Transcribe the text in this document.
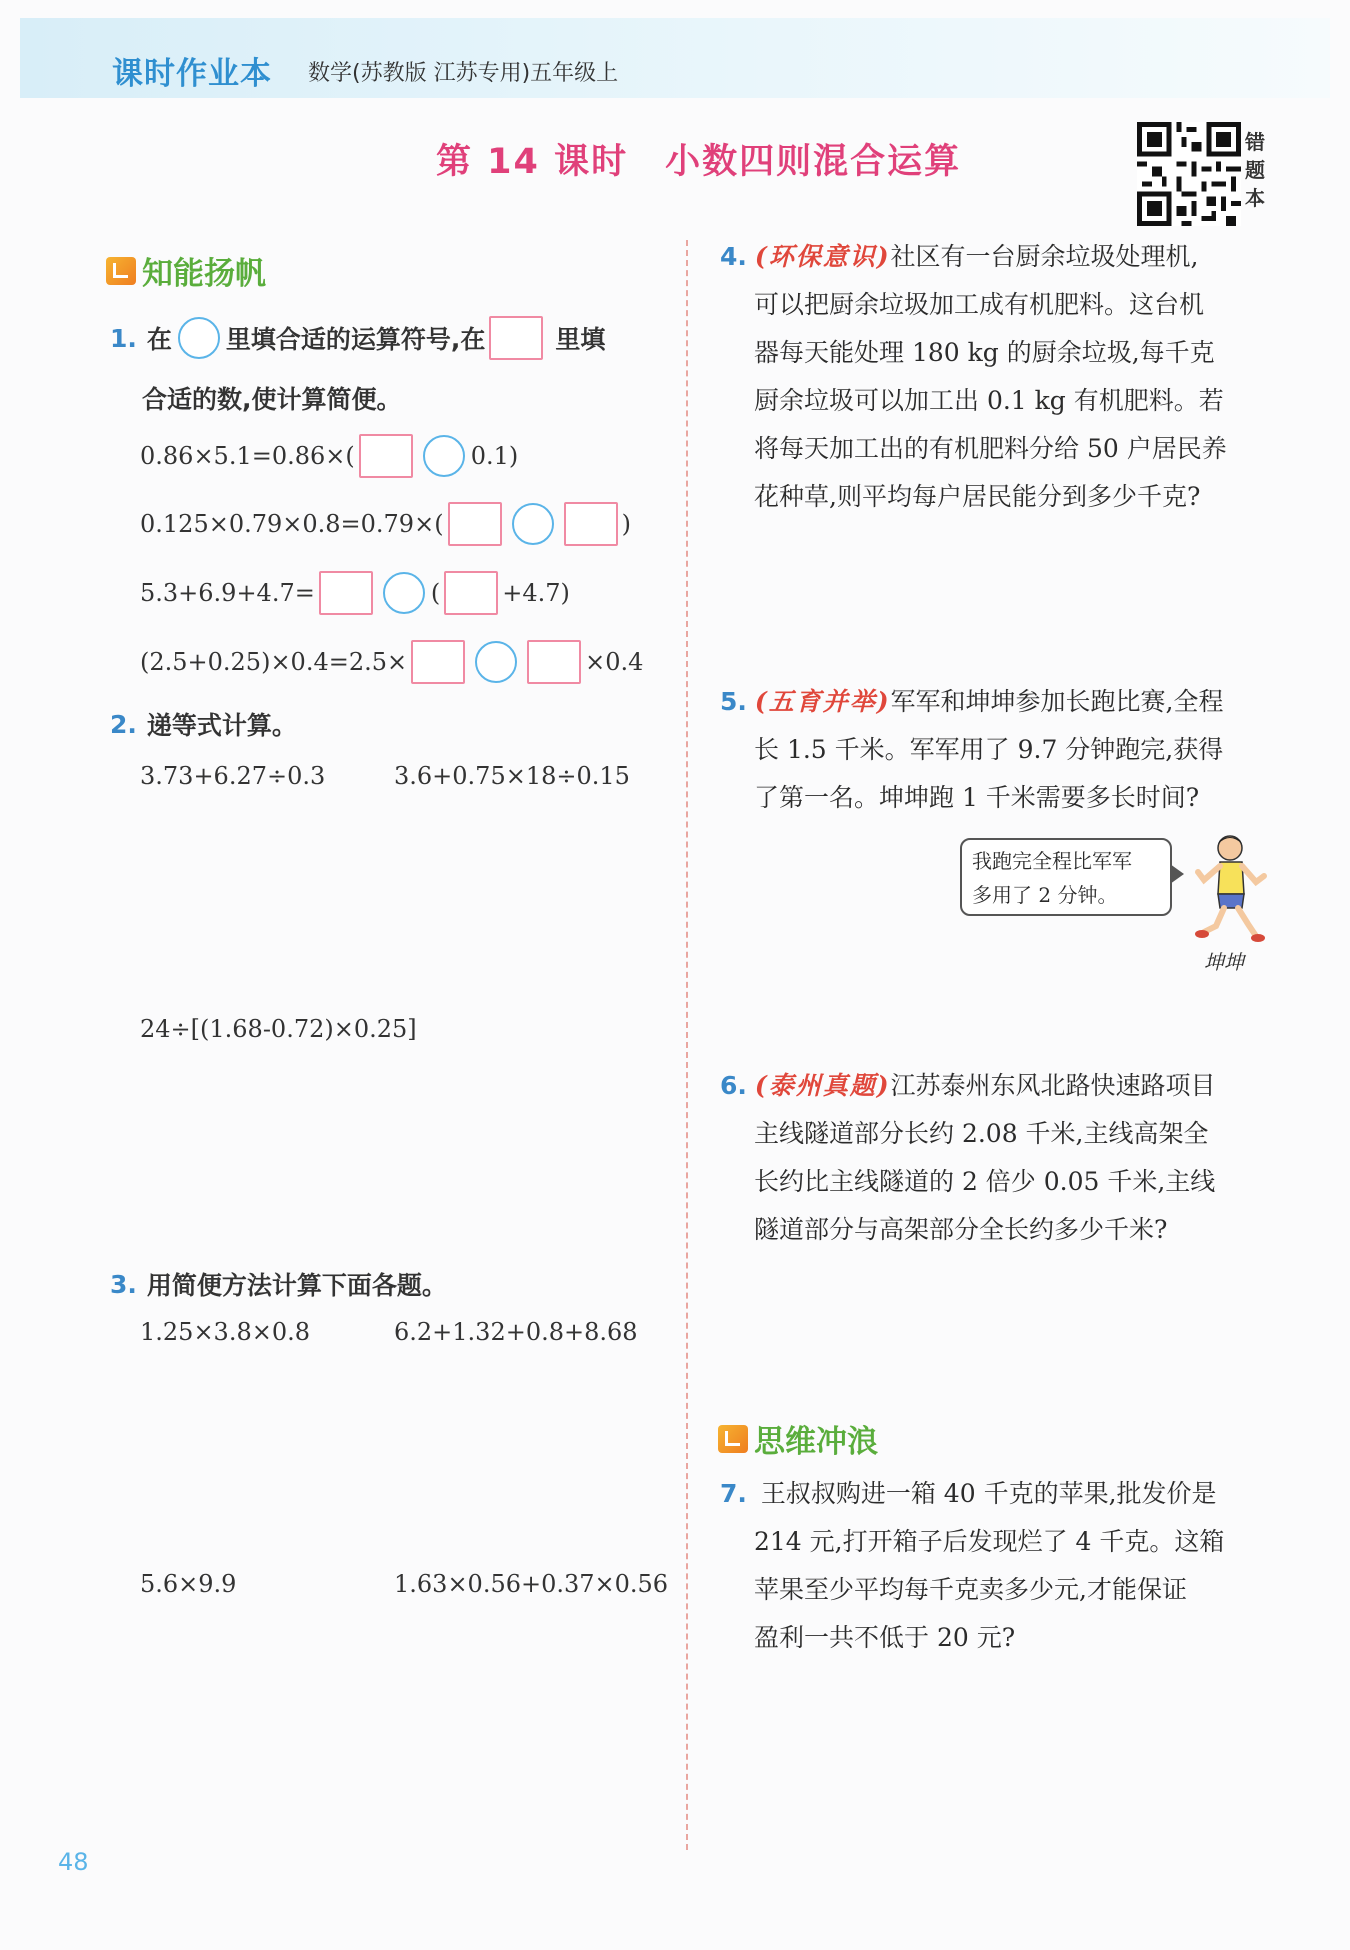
课时作业本 数学(苏教版 江苏专用)五年级上
第 14 课时　小数四则混合运算	错题本
知能扬帆
1. 在 里填合适的运算符号,在	里填
合适的数,使计算简便。
0.86×5.1=0.86×(	0.1)
0.125×0.79×0.8=0.79×(	)
5.3+6.9+4.7=	(	+4.7)
(2.5+0.25)×0.4=2.5×	×0.4
2. 递等式计算。
3.73+6.27÷0.3	3.6+0.75×18÷0.15
24÷[(1.68-0.72)×0.25]
3. 用简便方法计算下面各题。
1.25×3.8×0.8	6.2+1.32+0.8+8.68
5.6×9.9	1.63×0.56+0.37×0.56
4. (环保意识)社区有一台厨余垃圾处理机,
可以把厨余垃圾加工成有机肥料。这台机
器每天能处理 180 kg 的厨余垃圾,每千克
厨余垃圾可以加工出 0.1 kg 有机肥料。若
将每天加工出的有机肥料分给 50 户居民养
花种草,则平均每户居民能分到多少千克?
5. (五育并举)军军和坤坤参加长跑比赛,全程
长 1.5 千米。军军用了 9.7 分钟跑完,获得
了第一名。坤坤跑 1 千米需要多长时间?
我跑完全程比军军
多用了 2 分钟。
坤坤
6. (泰州真题)江苏泰州东风北路快速路项目
主线隧道部分长约 2.08 千米,主线高架全
长约比主线隧道的 2 倍少 0.05 千米,主线
隧道部分与高架部分全长约多少千米?
思维冲浪
7. 王叔叔购进一箱 40 千克的苹果,批发价是
214 元,打开箱子后发现烂了 4 千克。这箱
苹果至少平均每千克卖多少元,才能保证
盈利一共不低于 20 元?
48
